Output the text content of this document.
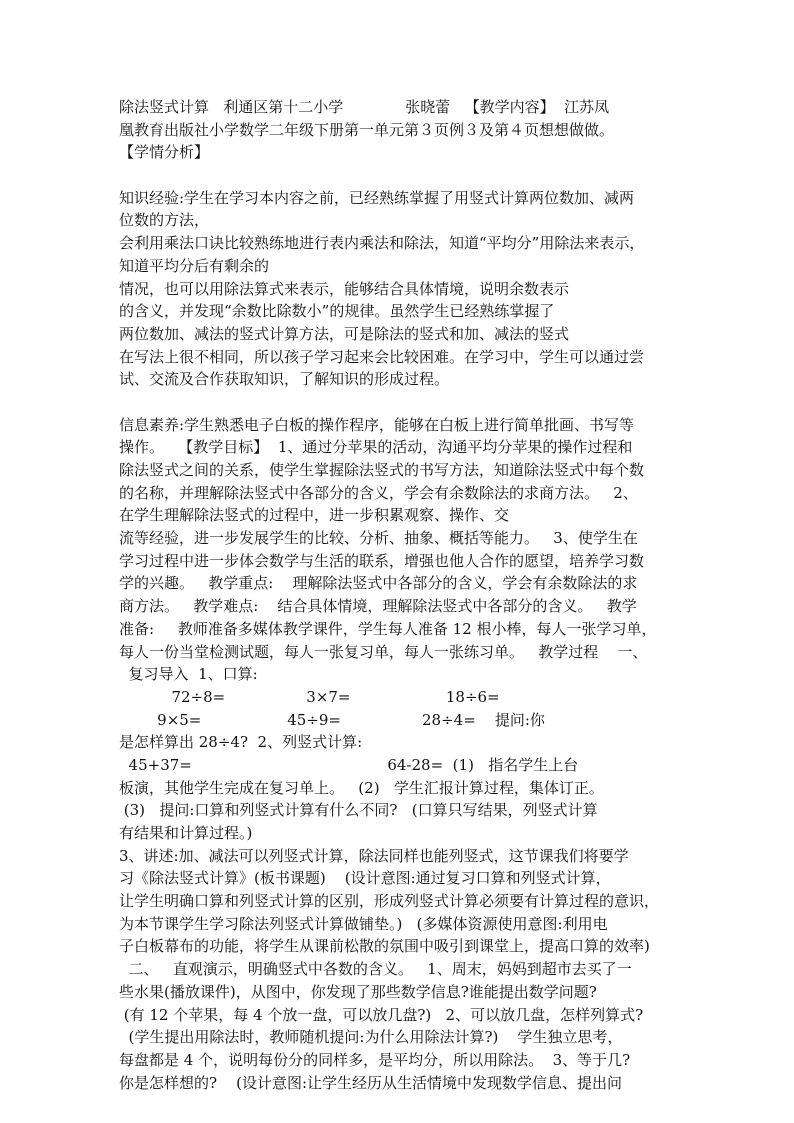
除法竖式计算   利通区第十二小学             张晓蕾   【教学内容】  江苏凤
凰教育出版社小学数学二年级下册第一单元第３页例３及第４页想想做做。
【学情分析】
知识经验:学生在学习本内容之前，已经熟练掌握了用竖式计算两位数加、减两
位数的方法，
会利用乘法口诀比较熟练地进行表内乘法和除法，知道“平均分”用除法来表示，
知道平均分后有剩余的
情况，也可以用除法算式来表示，能够结合具体情境，说明余数表示
的含义，并发现“余数比除数小”的规律。虽然学生已经熟练掌握了
两位数加、减法的竖式计算方法，可是除法的竖式和加、减法的竖式
在写法上很不相同，所以孩子学习起来会比较困难。在学习中，学生可以通过尝
试、交流及合作获取知识，了解知识的形成过程。
信息素养:学生熟悉电子白板的操作程序，能够在白板上进行简单批画、书写等
操作。   【教学目标】  1、通过分苹果的活动，沟通平均分苹果的操作过程和
除法竖式之间的关系，使学生掌握除法竖式的书写方法，知道除法竖式中每个数
的名称，并理解除法竖式中各部分的含义，学会有余数除法的求商方法。   2、
在学生理解除法竖式的过程中，进一步积累观察、操作、交
流等经验，进一步发展学生的比较、分析、抽象、概括等能力。   3、使学生在
学习过程中进一步体会数学与生活的联系，增强也他人合作的愿望，培养学习数
学的兴趣。   教学重点:    理解除法竖式中各部分的含义，学会有余数除法的求
商方法。   教学难点:    结合具体情境，理解除法竖式中各部分的含义。   教学
准备:     教师准备多媒体教学课件，学生每人准备 12 根小棒，每人一张学习单，
每人一份当堂检测试题，每人一张复习单，每人一张练习单。   教学过程    一、
复习导入  1、口算:
72÷8=                 3×7=                    18÷6=
9×5=                  45÷9=                 28÷4=    提问:你
是怎样算出 28÷4?  2、列竖式计算:
45+37=                                         64-28=  (1)   指名学生上台
板演，其他学生完成在复习单上。   (2)   学生汇报计算过程，集体订正。
(3)   提问:口算和列竖式计算有什么不同?   (口算只写结果，列竖式计算
有结果和计算过程。)
3、讲述:加、减法可以列竖式计算，除法同样也能列竖式，这节课我们将要学
习《除法竖式计算》(板书课题)    (设计意图:通过复习口算和列竖式计算，
让学生明确口算和列竖式计算的区别，形成列竖式计算必须要有计算过程的意识，
为本节课学生学习除法列竖式计算做铺垫。)   (多媒体资源使用意图:利用电
子白板幕布的功能，将学生从课前松散的氛围中吸引到课堂上，提高口算的效率)
二、   直观演示，明确竖式中各数的含义。   1、周末，妈妈到超市去买了一
些水果(播放课件)，从图中，你发现了那些数学信息?谁能提出数学问题?
(有 12 个苹果，每 4 个放一盘，可以放几盘?)   2、可以放几盘，怎样列算式?
(学生提出用除法时，教师随机提问:为什么用除法计算?)    学生独立思考，
每盘都是 4 个，说明每份分的同样多，是平均分，所以用除法。  3、等于几?
你是怎样想的?    (设计意图:让学生经历从生活情境中发现数学信息、提出问
